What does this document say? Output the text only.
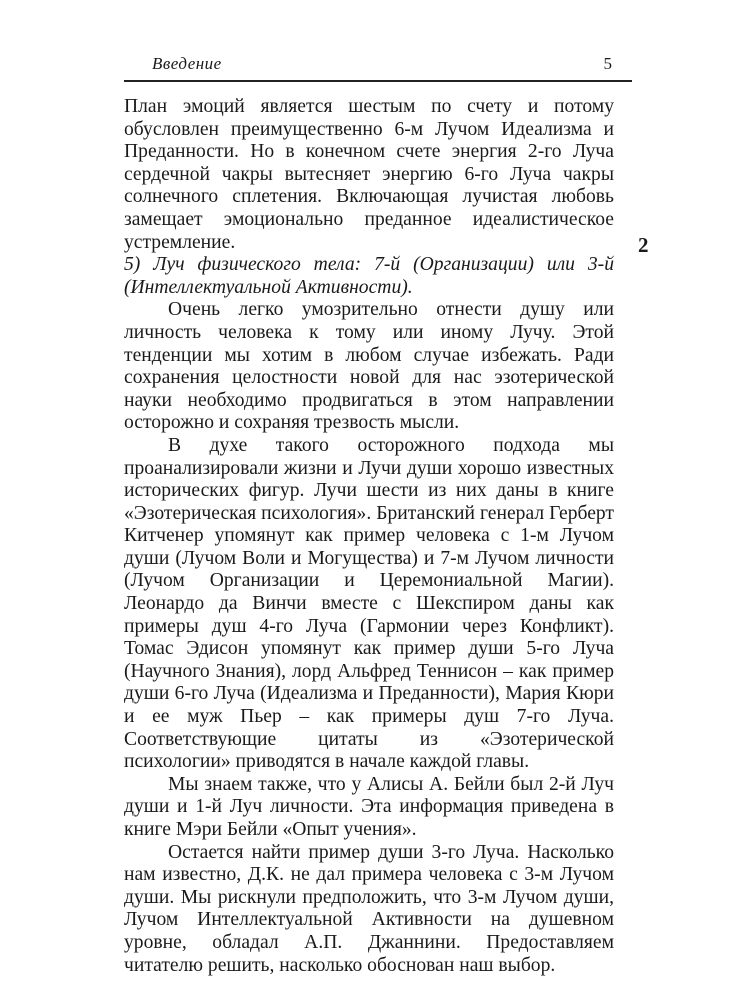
Введение	5
2

План эмоций является шестым по счету и потому обусловлен преимущественно 6-м Лучом Идеализма и Преданности. Но в конечном счете энергия 2-го Луча сердечной чакры вытесняет энергию 6-го Луча чакры солнечного сплетения. Включающая лучистая любовь замещает эмоционально преданное идеалистическое устремление.

5) Луч физического тела: 7-й (Организации) или 3-й (Интеллектуальной Активности).

Очень легко умозрительно отнести душу или личность человека к тому или иному Лучу. Этой тенденции мы хотим в любом случае избежать. Ради сохранения целостности новой для нас эзотерической науки необходимо продвигаться в этом направлении осторожно и сохраняя трезвость мысли.

В духе такого осторожного подхода мы проанализировали жизни и Лучи души хорошо известных исторических фигур. Лучи шести из них даны в книге «Эзотерическая психология». Британский генерал Герберт Китченер упомянут как пример человека с 1-м Лучом души (Лучом Воли и Могущества) и 7-м Лучом личности (Лучом Организации и Церемониальной Магии). Леонардо да Винчи вместе с Шекспиром даны как примеры душ 4-го Луча (Гармонии через Конфликт). Томас Эдисон упомянут как пример души 5-го Луча (Научного Знания), лорд Альфред Теннисон – как пример души 6-го Луча (Идеализма и Преданности), Мария Кюри и ее муж Пьер – как примеры душ 7-го Луча. Соответствующие цитаты из «Эзотерической психологии» приводятся в начале каждой главы.

Мы знаем также, что у Алисы А. Бейли был 2-й Луч души и 1-й Луч личности. Эта информация приведена в книге Мэри Бейли «Опыт учения».

Остается найти пример души 3-го Луча. Насколько нам известно, Д.К. не дал примера человека с 3-м Лучом души. Мы рискнули предположить, что 3-м Лучом души, Лучом Интеллектуальной Активности на душевном уровне, обладал А.П. Джаннини. Предоставляем читателю решить, насколько обоснован наш выбор.
